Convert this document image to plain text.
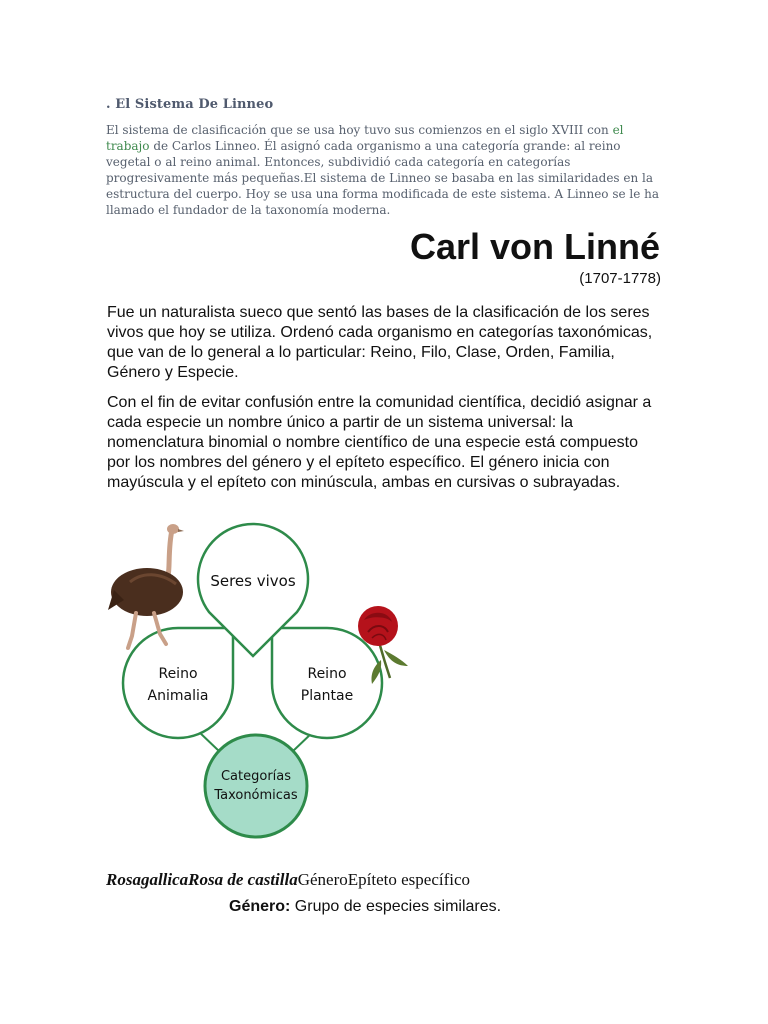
. El Sistema De Linneo

El sistema de clasificación que se usa hoy tuvo sus comienzos en el siglo XVIII con el trabajo de Carlos Linneo. Él asignó cada organismo a una categoría grande: al reino vegetal o al reino animal. Entonces, subdividió cada categoría en categorías progresivamente más pequeñas.El sistema de Linneo se basaba en las similaridades en la estructura del cuerpo. Hoy se usa una forma modificada de este sistema. A Linneo se le ha llamado el fundador de la taxonomía moderna.

Carl von Linné
(1707-1778)

Fue un naturalista sueco que sentó las bases de la clasificación de los seres vivos que hoy se utiliza. Ordenó cada organismo en categorías taxonómicas, que van de lo general a lo particular: Reino, Filo, Clase, Orden, Familia, Género y Especie.

Con el fin de evitar confusión entre la comunidad científica, decidió asignar a cada especie un nombre único a partir de un sistema universal: la nomenclatura binomial o nombre científico de una especie está compuesto por los nombres del género y el epíteto específico. El género inicia con mayúscula y el epíteto con minúscula, ambas en cursivas o subrayadas.

Reino
Animalia
Reino
Plantae
Seres vivos
Categorías
Taxonómicas

RosagallicaRosa de castillaGéneroEpíteto específico

Género: Grupo de especies similares.
